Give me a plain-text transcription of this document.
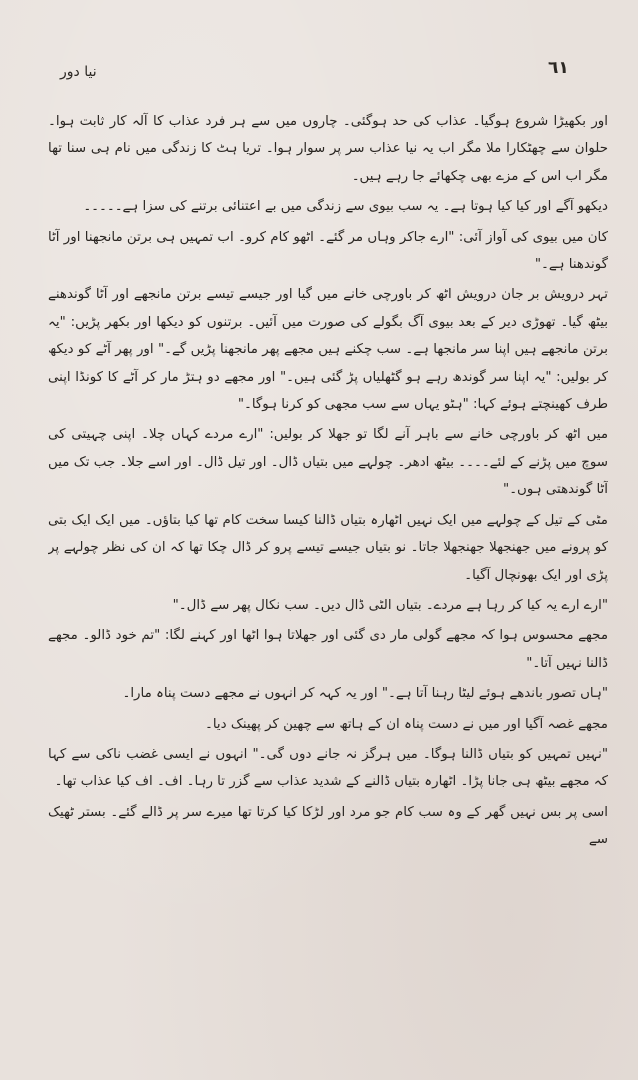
٦١
نیا دور

اور بکھیڑا شروع ہوگیا۔ عذاب کی حد ہوگئی۔ چاروں میں سے ہر فرد عذاب کا آلہ کار ثابت ہوا۔ حلوان سے چھٹکارا ملا مگر اب یہ نیا عذاب سر پر سوار ہوا۔ تریا ہٹ کا زندگی میں نام ہی سنا تھا مگر اب اس کے مزے بھی چکھائے جا رہے ہیں۔

دیکھو آگے اور کیا کیا ہوتا ہے۔ یہ سب بیوی سے زندگی میں بے اعتنائی برتنے کی سزا ہے۔۔۔۔۔

کان میں بیوی کی آواز آئی: "ارے جاکر وہاں مر گئے۔ اٹھو کام کرو۔ اب تمہیں ہی برتن مانجھنا اور آٹا گوندھنا ہے۔"

تہر درویش بر جان درویش اٹھ کر باورچی خانے میں گیا اور جیسے تیسے برتن مانجھے اور آٹا گوندھنے بیٹھ گیا۔ تھوڑی دیر کے بعد بیوی آگ بگولے کی صورت میں آئیں۔ برتنوں کو دیکھا اور بکھر پڑیں: "یہ برتن مانجھے ہیں اپنا سر مانجھا ہے۔ سب چکنے ہیں مجھے پھر مانجھنا پڑیں گے۔" اور پھر آٹے کو دیکھ کر بولیں: "یہ اپنا سر گوندھ رہے ہو گٹھلیاں پڑ گئی ہیں۔" اور مجھے دو ہتڑ مار کر آٹے کا کونڈا اپنی طرف کھینچتے ہوئے کہا: "ہٹو یہاں سے سب مجھی کو کرنا ہوگا۔"

میں اٹھ کر باورچی خانے سے باہر آنے لگا تو جھلا کر بولیں: "ارے مردے کہاں چلا۔ اپنی چہیتی کی سوچ میں پڑنے کے لئے۔۔۔۔ بیٹھ ادھر۔ چولہے میں بتیاں ڈال۔ اور تیل ڈال۔ اور اسے جلا۔ جب تک میں آٹا گوندھتی ہوں۔"

مٹی کے تیل کے چولہے میں ایک نہیں اٹھارہ بتیاں ڈالنا کیسا سخت کام تھا کیا بتاؤں۔ میں ایک ایک بتی کو پرونے میں جھنجھلا جھنجھلا جاتا۔ نو بتیاں جیسے تیسے پرو کر ڈال چکا تھا کہ ان کی نظر چولہے پر پڑی اور ایک بھونچال آگیا۔

"ارے ارے یہ کیا کر رہا ہے مردے۔ بتیاں الٹی ڈال دیں۔ سب نکال پھر سے ڈال۔"

مجھے محسوس ہوا کہ مجھے گولی مار دی گئی اور جھلاتا ہوا اٹھا اور کہنے لگا: "تم خود ڈالو۔ مجھے ڈالنا نہیں آتا۔"

"ہاں تصور باندھے ہوئے لیٹا رہنا آتا ہے۔" اور یہ کہہ کر انہوں نے مجھے دست پناہ مارا۔

مجھے غصہ آگیا اور میں نے دست پناہ ان کے ہاتھ سے چھین کر پھینک دیا۔

"نہیں تمہیں کو بتیاں ڈالنا ہوگا۔ میں ہرگز نہ جانے دوں گی۔" انہوں نے ایسی غضب ناکی سے کہا کہ مجھے بیٹھ ہی جانا پڑا۔ اٹھارہ بتیاں ڈالنے کے شدید عذاب سے گزر تا رہا۔ اف۔ اف کیا عذاب تھا۔

اسی پر بس نہیں گھر کے وہ سب کام جو مرد اور لڑکا کیا کرتا تھا میرے سر پر ڈالے گئے۔ بستر ٹھیک سے
